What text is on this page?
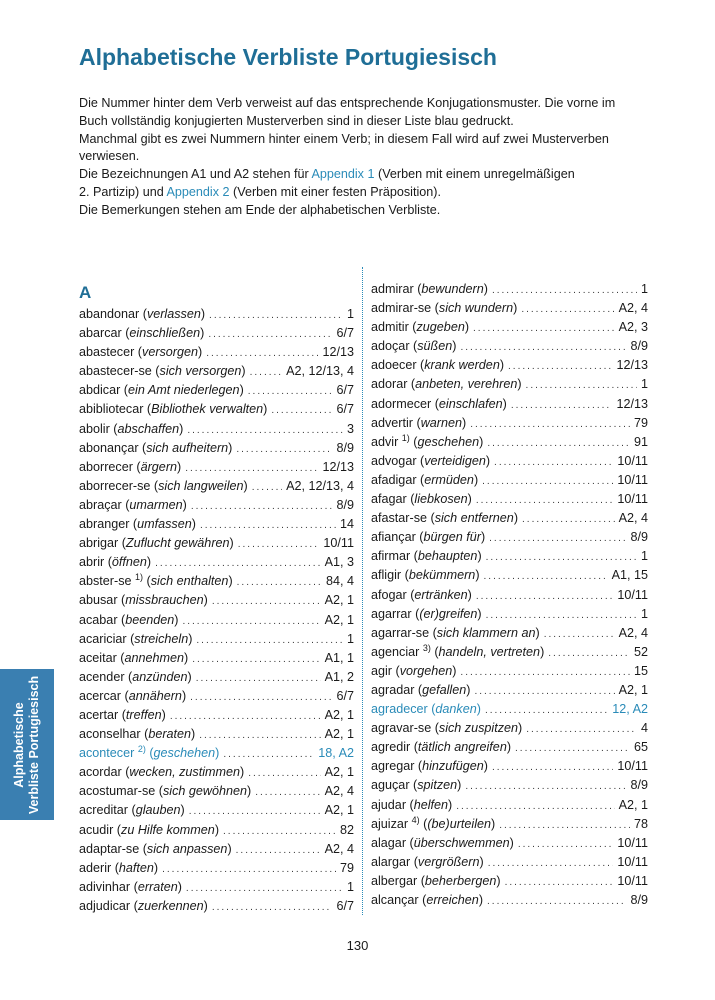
Alphabetische Verbliste Portugiesisch

Die Nummer hinter dem Verb verweist auf das entsprechende Konjugationsmuster. Die vorne im

Buch vollständig konjugierten Musterverben sind in dieser Liste blau gedruckt.

Manchmal gibt es zwei Nummern hinter einem Verb; in diesem Fall wird auf zwei Musterverben

verwiesen.

Die Bezeichnungen A1 und A2 stehen für Appendix 1 (Verben mit einem unregelmäßigen

2. Partizip) und Appendix 2 (Verben mit einer festen Präposition).

Die Bemerkungen stehen am Ende der alphabetischen Verbliste.

A
abandonar (verlassen) .....	1
abarcar (einschließen) .....	6/7
abastecer (versorgen) .....	12/13
abastecer-se (sich versorgen) .....	A2, 12/13, 4
abdicar (ein Amt niederlegen) .....	6/7
abibliotecar (Bibliothek verwalten) .....	6/7
abolir (abschaffen) .....	3
abonançar (sich aufheitern) .....	8/9
aborrecer (ärgern) .....	12/13
aborrecer-se (sich langweilen) .....	A2, 12/13, 4
abraçar (umarmen) .....	8/9
abranger (umfassen) .....	14
abrigar (Zuflucht gewähren) .....	10/11
abrir (öffnen) .....	A1, 3
abster-se $^{1)}$ (sich enthalten) .....	84, 4
abusar (missbrauchen) .....	A2, 1
acabar (beenden) .....	A2, 1
acariciar (streicheln) .....	1
aceitar (annehmen) .....	A1, 1
acender (anzünden) .....	A1, 2
acercar (annähern) .....	6/7
acertar (treffen) .....	A2, 1
aconselhar (beraten) .....	A2, 1
acontecer $^{2)}$ (geschehen) .....	18, A2
acordar (wecken, zustimmen) .....	A2, 1
acostumar-se (sich gewöhnen) .....	A2, 4
acreditar (glauben) .....	A2, 1
acudir (zu Hilfe kommen) .....	82
adaptar-se (sich anpassen) .....	A2, 4
aderir (haften) .....	79
adivinhar (erraten) .....	1
adjudicar (zuerkennen) .....	6/7
admirar (bewundern) .....	1
admirar-se (sich wundern) .....	A2, 4
admitir (zugeben) .....	A2, 3
adoçar (süßen) .....	8/9
adoecer (krank werden) .....	12/13
adorar (anbeten, verehren) .....	1
adormecer (einschlafen) .....	12/13
advertir (warnen) .....	79
advir $^{1)}$ (geschehen) .....	91
advogar (verteidigen) .....	10/11
afadigar (ermüden) .....	10/11
afagar (liebkosen) .....	10/11
afastar-se (sich entfernen) .....	A2, 4
afiançar (bürgen für) .....	8/9
afirmar (behaupten) .....	1
afligir (bekümmern) .....	A1, 15
afogar (ertränken) .....	10/11
agarrar ((er)greifen) .....	1
agarrar-se (sich klammern an) .....	A2, 4
agenciar $^{3)}$ (handeln, vertreten) .....	52
agir (vorgehen) .....	15
agradar (gefallen) .....	A2, 1
agradecer (danken) .....	12, A2
agravar-se (sich zuspitzen) .....	4
agredir (tätlich angreifen) .....	65
agregar (hinzufügen) .....	10/11
aguçar (spitzen) .....	8/9
ajudar (helfen) .....	A2, 1
ajuizar $^{4)}$ ((be)urteilen) .....	78
alagar (überschwemmen) .....	10/11
alargar (vergrößern) .....	10/11
albergar (beherbergen) .....	10/11
alcançar (erreichen) .....	8/9
Alphabetische Verbliste Portugiesisch
130
